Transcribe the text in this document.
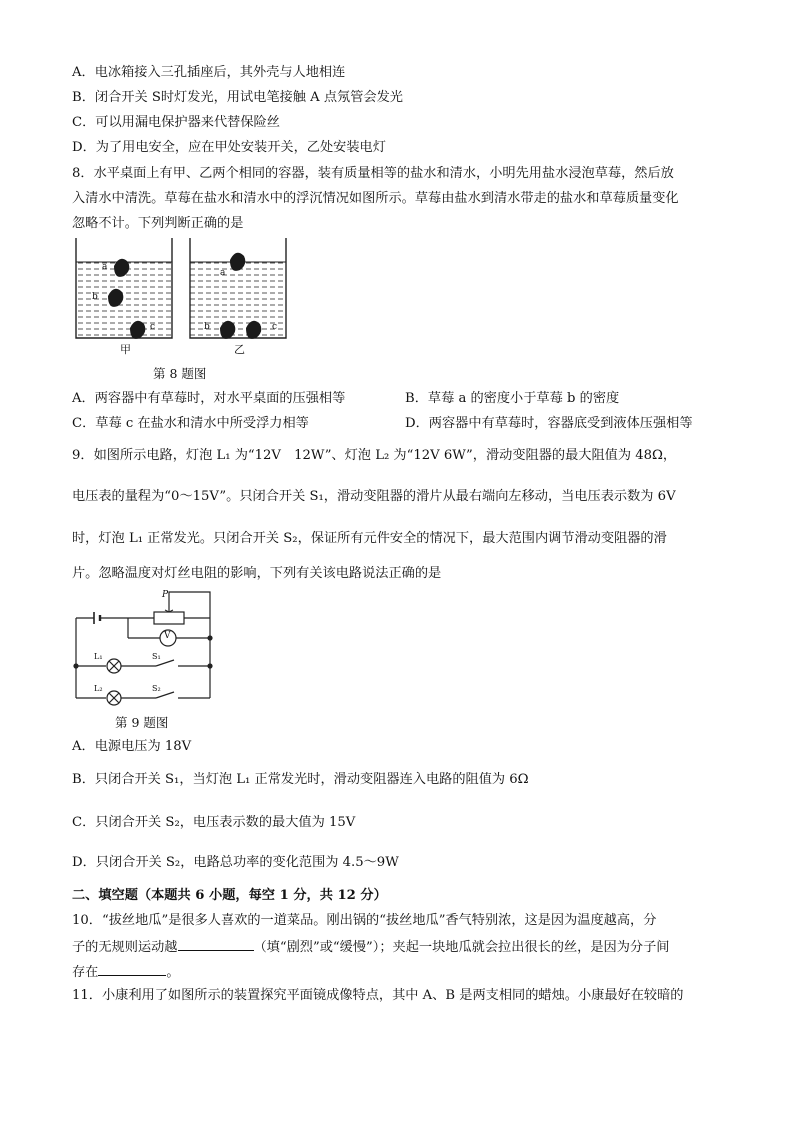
A．电冰箱接入三孔插座后，其外壳与人地相连
B．闭合开关 S时灯发光，用试电笔接触 A 点氖管会发光
C．可以用漏电保护器来代替保险丝
D．为了用电安全，应在甲处安装开关，乙处安装电灯
8．水平桌面上有甲、乙两个相同的容器，装有质量相等的盐水和清水，小明先用盐水浸泡草莓，然后放
入清水中清洗。草莓在盐水和清水中的浮沉情况如图所示。草莓由盐水到清水带走的盐水和草莓质量变化
忽略不计。下列判断正确的是
a
b
c
a
b	c
甲	乙
第 8 题图
A．两容器中有草莓时，对水平桌面的压强相等	B．草莓 a 的密度小于草莓 b 的密度
C．草莓 c 在盐水和清水中所受浮力相等	D．两容器中有草莓时，容器底受到液体压强相等
9．如图所示电路，灯泡 L₁ 为“12V　12W”、灯泡 L₂ 为“12V 6W”，滑动变阻器的最大阻值为 48Ω，
电压表的量程为“0～15V”。只闭合开关 S₁，滑动变阻器的滑片从最右端向左移动，当电压表示数为 6V
时，灯泡 L₁ 正常发光。只闭合开关 S₂，保证所有元件安全的情况下，最大范围内调节滑动变阻器的滑
片。忽略温度对灯丝电阻的影响，下列有关该电路说法正确的是
P
V
L₁
L₂
S₁
S₂
第 9 题图
A．电源电压为 18V
B．只闭合开关 S₁，当灯泡 L₁ 正常发光时，滑动变阻器连入电路的阻值为 6Ω
C．只闭合开关 S₂，电压表示数的最大值为 15V
D．只闭合开关 S₂，电路总功率的变化范围为 4.5～9W
二、填空题（本题共 6 小题，每空 1 分，共 12 分）
10．“拔丝地瓜”是很多人喜欢的一道菜品。刚出锅的“拔丝地瓜”香气特别浓，这是因为温度越高，分
子的无规则运动越	（填“剧烈”或“缓慢”）；夹起一块地瓜就会拉出很长的丝，是因为分子间
存在	。
11．小康利用了如图所示的装置探究平面镜成像特点，其中 A、B 是两支相同的蜡烛。小康最好在较暗的
